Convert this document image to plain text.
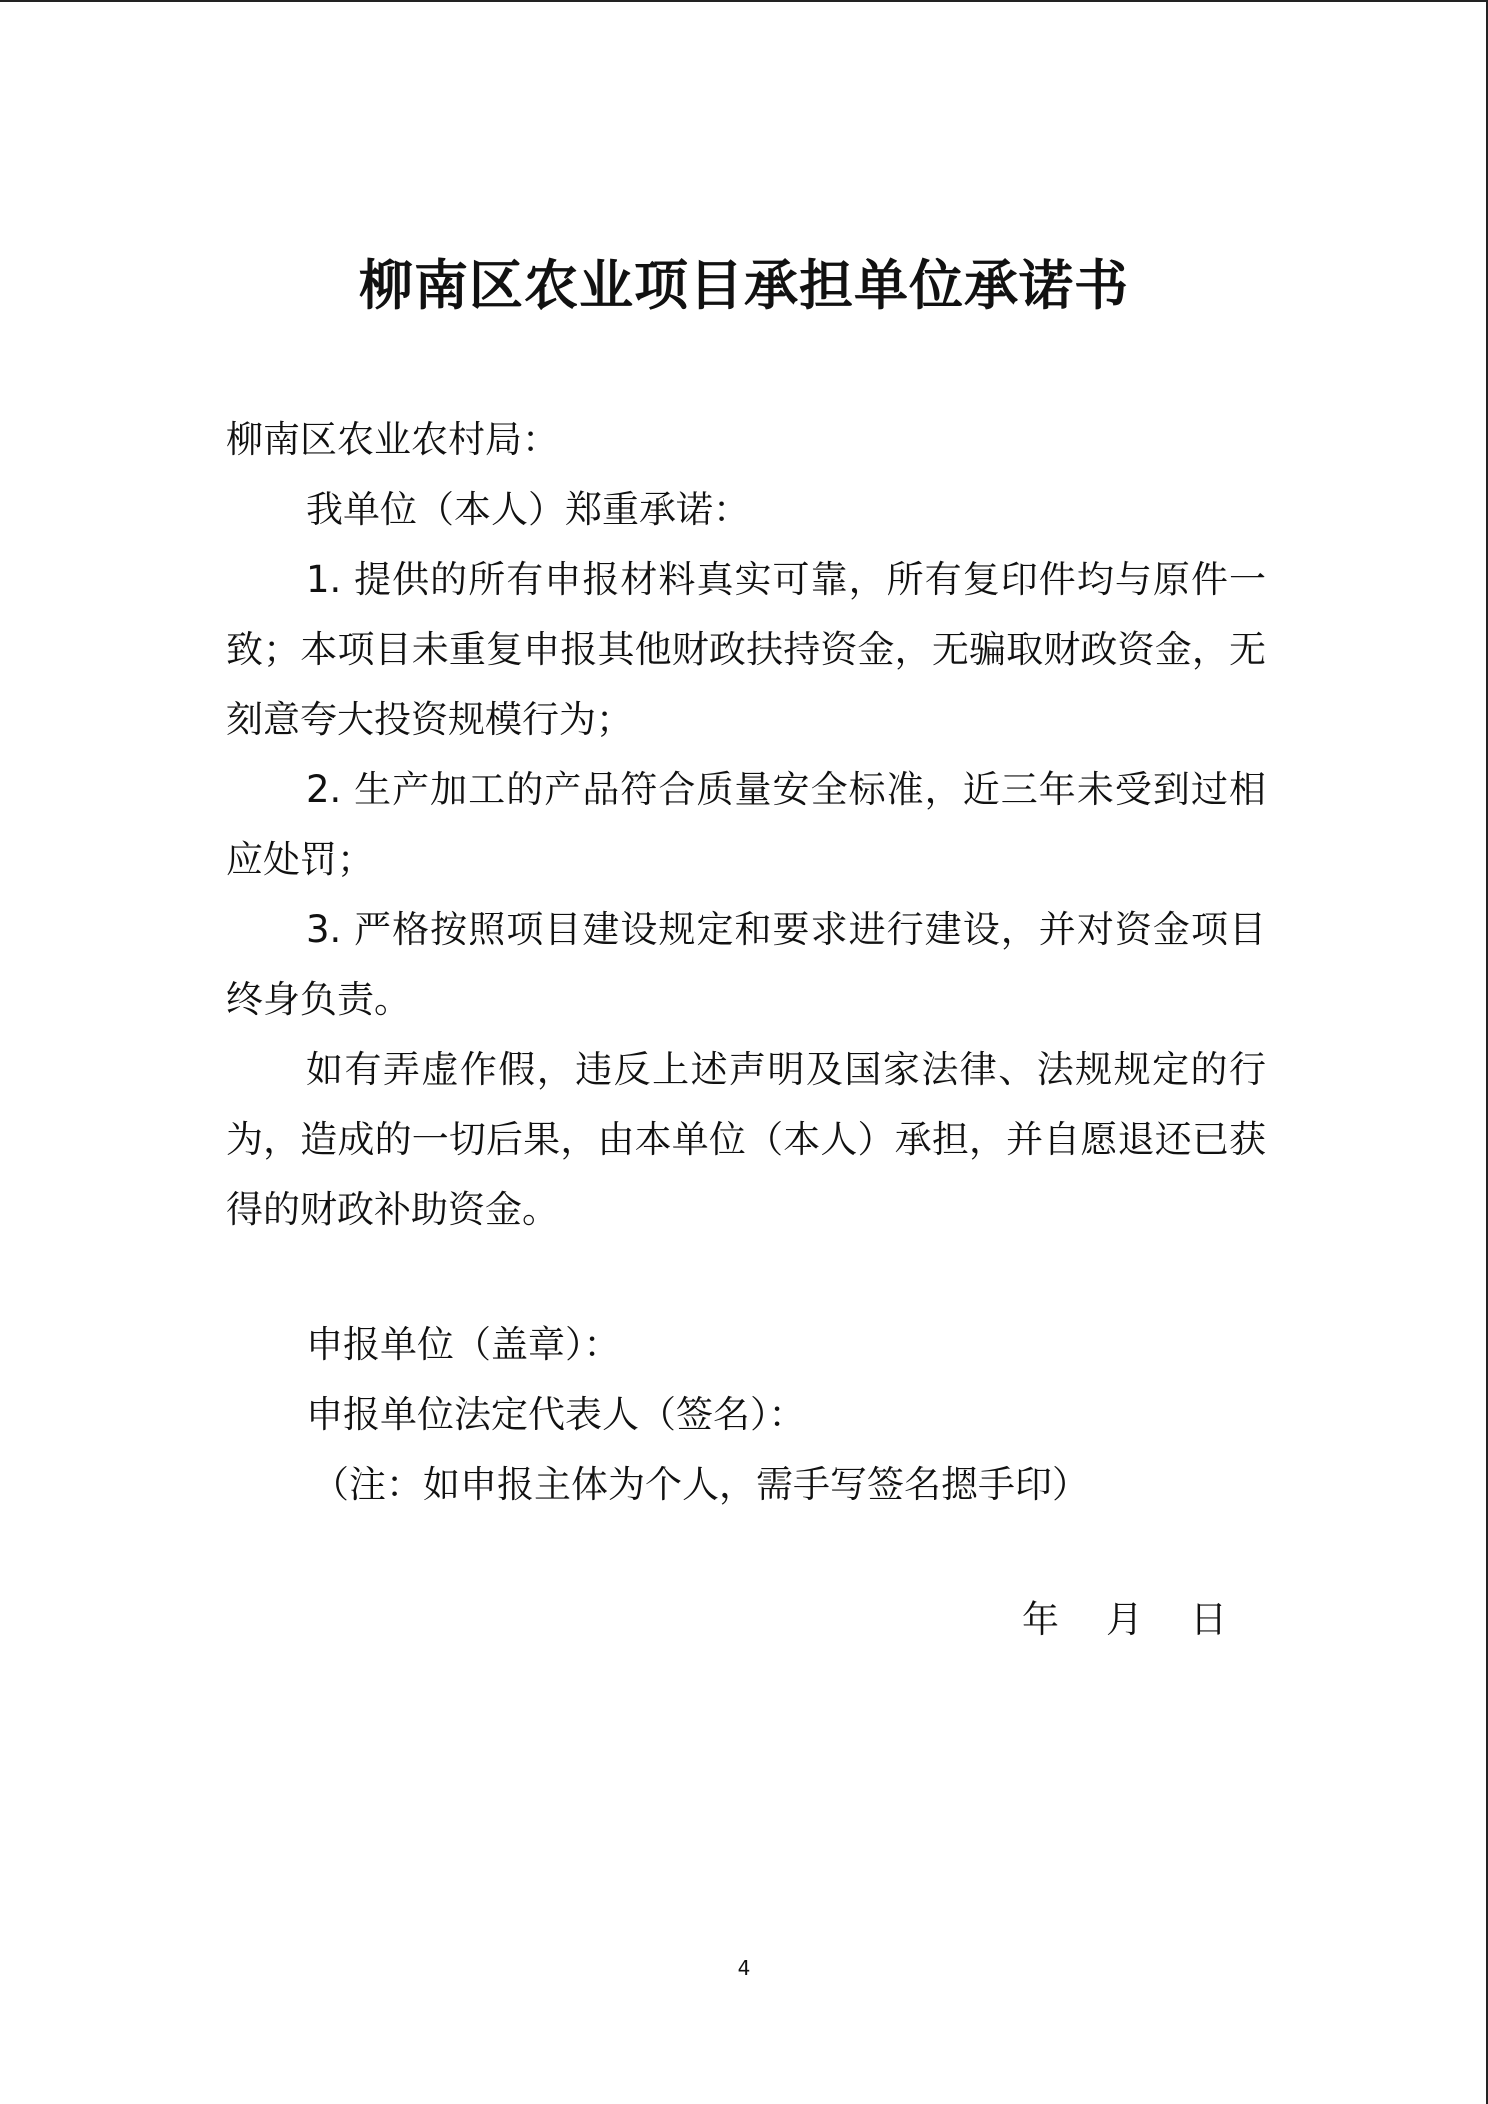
柳南区农业项目承担单位承诺书

柳南区农业农村局：

我单位（本人）郑重承诺：

1. 提供的所有申报材料真实可靠，所有复印件均与原件一致；本项目未重复申报其他财政扶持资金，无骗取财政资金，无刻意夸大投资规模行为；

2. 生产加工的产品符合质量安全标准，近三年未受到过相应处罚；

3. 严格按照项目建设规定和要求进行建设，并对资金项目终身负责。

如有弄虚作假，违反上述声明及国家法律、法规规定的行为，造成的一切后果，由本单位（本人）承担，并自愿退还已获得的财政补助资金。

申报单位（盖章）：

申报单位法定代表人（签名）：

（注：如申报主体为个人，需手写签名摁手印）

年    月    日

4
